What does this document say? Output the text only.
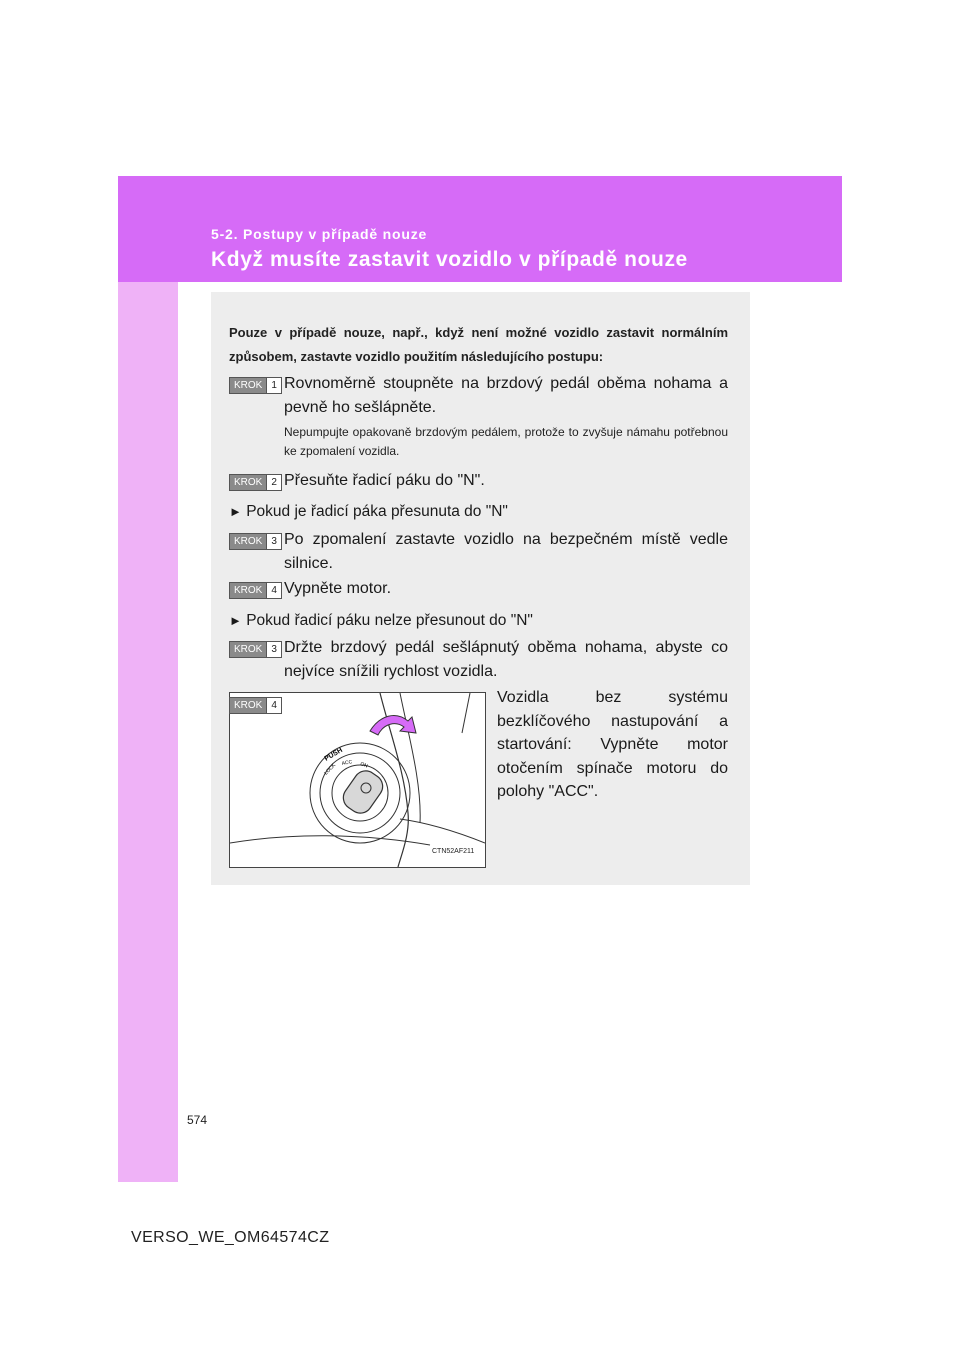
5-2. Postupy v případě nouze
Když musíte zastavit vozidlo v případě nouze
Pouze v případě nouze, např., když není možné vozidlo zastavit normálním způsobem, zastavte vozidlo použitím následujícího postupu:
KROK 1 Rovnoměrně stoupněte na brzdový pedál oběma nohama a pevně ho sešlápněte.
Nepumpujte opakovaně brzdovým pedálem, protože to zvyšuje námahu potřebnou ke zpomalení vozidla.
KROK 2 Přesuňte řadicí páku do "N".
► Pokud je řadicí páka přesunuta do "N"
KROK 3 Po zpomalení zastavte vozidlo na bezpečném místě vedle silnice.
KROK 4 Vypněte motor.
► Pokud řadicí páku nelze přesunout do "N"
KROK 3 Držte brzdový pedál sešlápnutý oběma nohama, abyste co nejvíce snížili rychlost vozidla.
PUSH
LOCK ACC ON
KROK 4
CTN52AF211
Vozidla bez systému bezklíčového nastupování a startování: Vypněte motor otočením spínače motoru do polohy "ACC".
574
VERSO_WE_OM64574CZ
